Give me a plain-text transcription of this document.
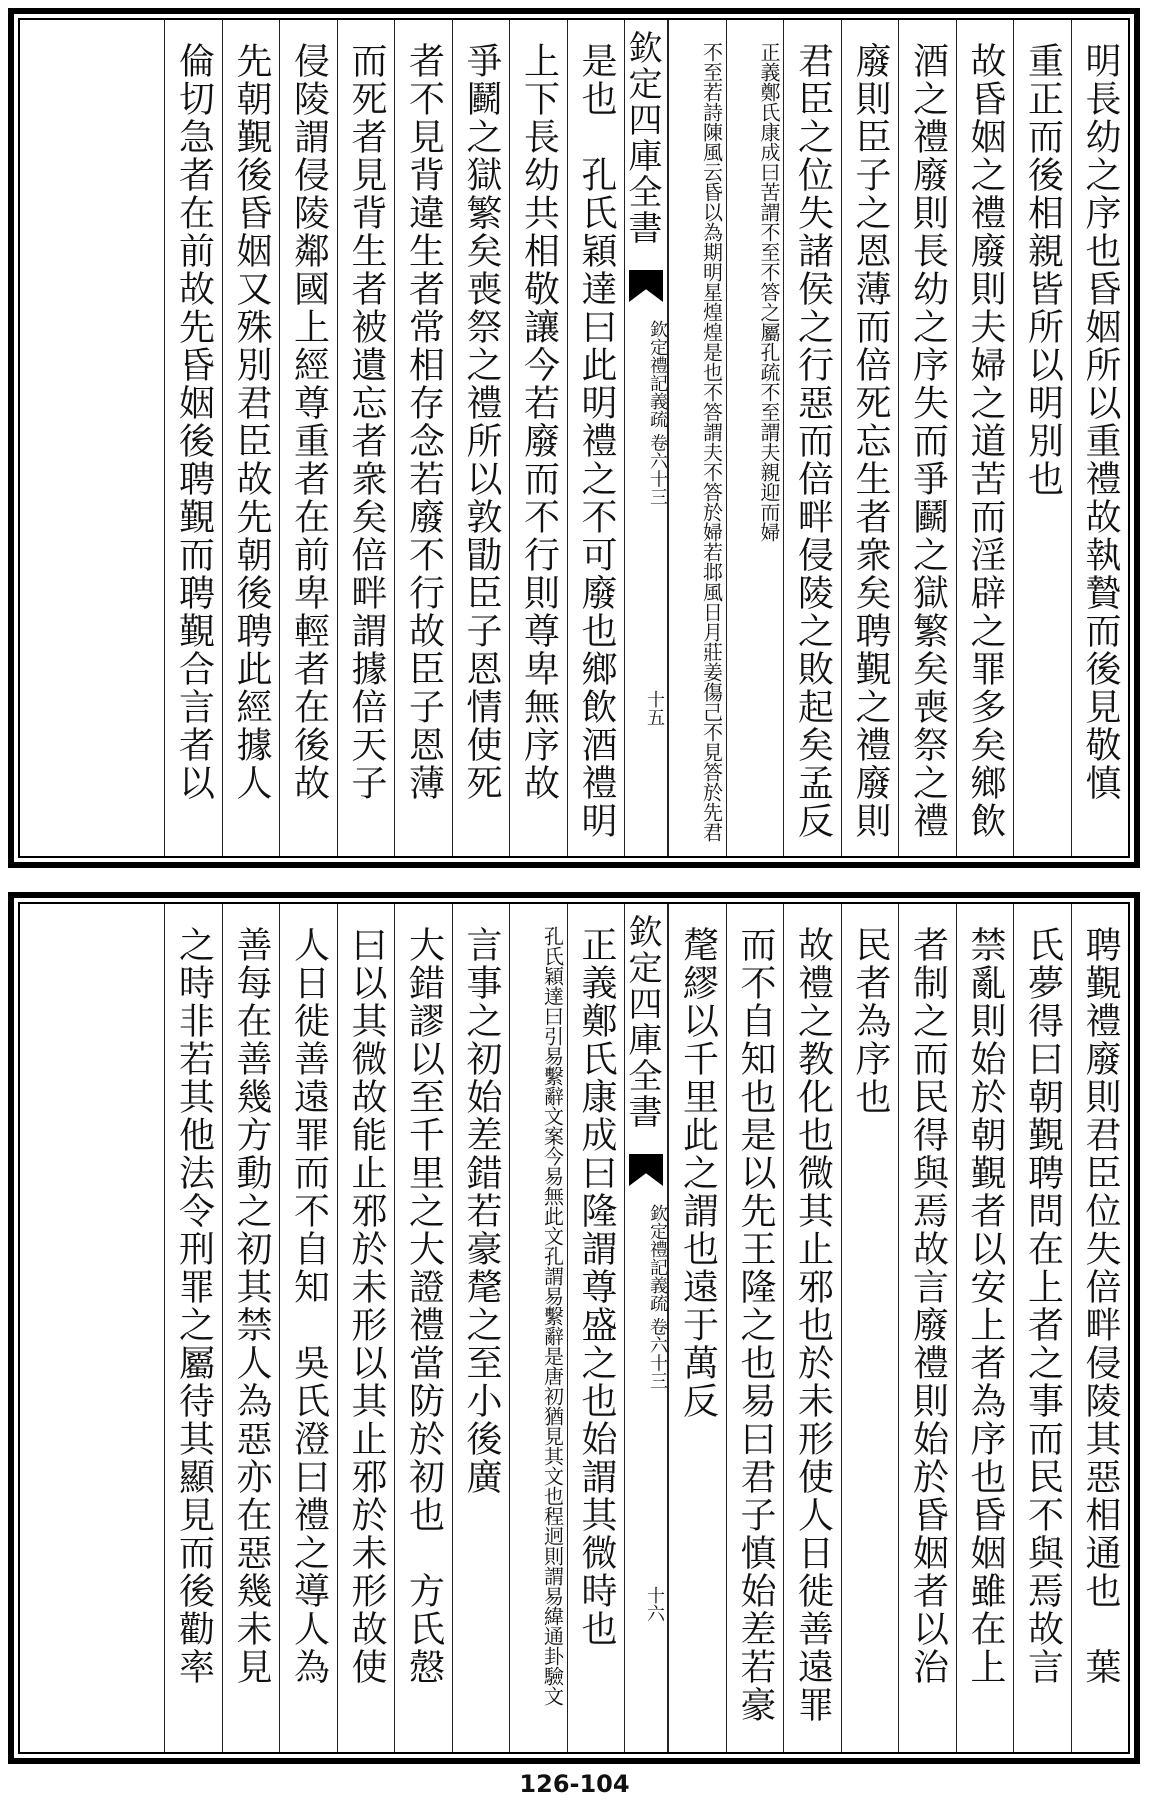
明長幼之序也昏姻所以重禮故執贄而後見敬慎
重正而後相親皆所以明別也
故昏姻之禮廢則夫婦之道苦而淫辟之罪多矣鄉飲
酒之禮廢則長幼之序失而爭鬬之獄繁矣喪祭之禮
廢則臣子之恩薄而倍死忘生者衆矣聘覲之禮廢則
君臣之位失諸侯之行惡而倍畔侵陵之敗起矣孟反
正義鄭氏康成曰苦謂不至不答之屬孔疏不至謂夫親迎而婦
不至若詩陳風云昏以為期明星煌煌是也不答謂夫不答於婦若邶風日月莊姜傷己不見答於先君
欽定四庫全書
欽定禮記義疏 卷六十三
十五
是也　孔氏穎達曰此明禮之不可廢也鄉飲酒禮明
上下長幼共相敬讓今若廢而不行則尊卑無序故
爭鬬之獄繁矣喪祭之禮所以敦勖臣子恩情使死
者不見背違生者常相存念若廢不行故臣子恩薄
而死者見背生者被遺忘者衆矣倍畔謂據倍天子
侵陵謂侵陵鄰國上經尊重者在前卑輕者在後故
先朝覲後昏姻又殊別君臣故先朝後聘此經據人
倫切急者在前故先昏姻後聘覲而聘覲合言者以
聘覲禮廢則君臣位失倍畔侵陵其惡相通也　葉
氏夢得曰朝覲聘問在上者之事而民不與焉故言
禁亂則始於朝覲者以安上者為序也昏姻雖在上
者制之而民得與焉故言廢禮則始於昏姻者以治
民者為序也
故禮之教化也微其止邪也於未形使人日徙善遠罪
而不自知也是以先王隆之也易曰君子慎始差若豪
氂繆以千里此之謂也遠于萬反
欽定四庫全書
欽定禮記義疏 卷六十三
十六
正義鄭氏康成曰隆謂尊盛之也始謂其微時也
孔氏穎達曰引易繫辭文案今易無此文孔謂易繫辭是唐初猶見其文也程迥則謂易緯通卦驗文
言事之初始差錯若豪氂之至小後廣
大錯謬以至千里之大證禮當防於初也　方氏慤
曰以其微故能止邪於未形以其止邪於未形故使
人日徙善遠罪而不自知　吳氏澄曰禮之導人為
善每在善幾方動之初其禁人為惡亦在惡幾未見
之時非若其他法令刑罪之屬待其顯見而後勸率
126-104
